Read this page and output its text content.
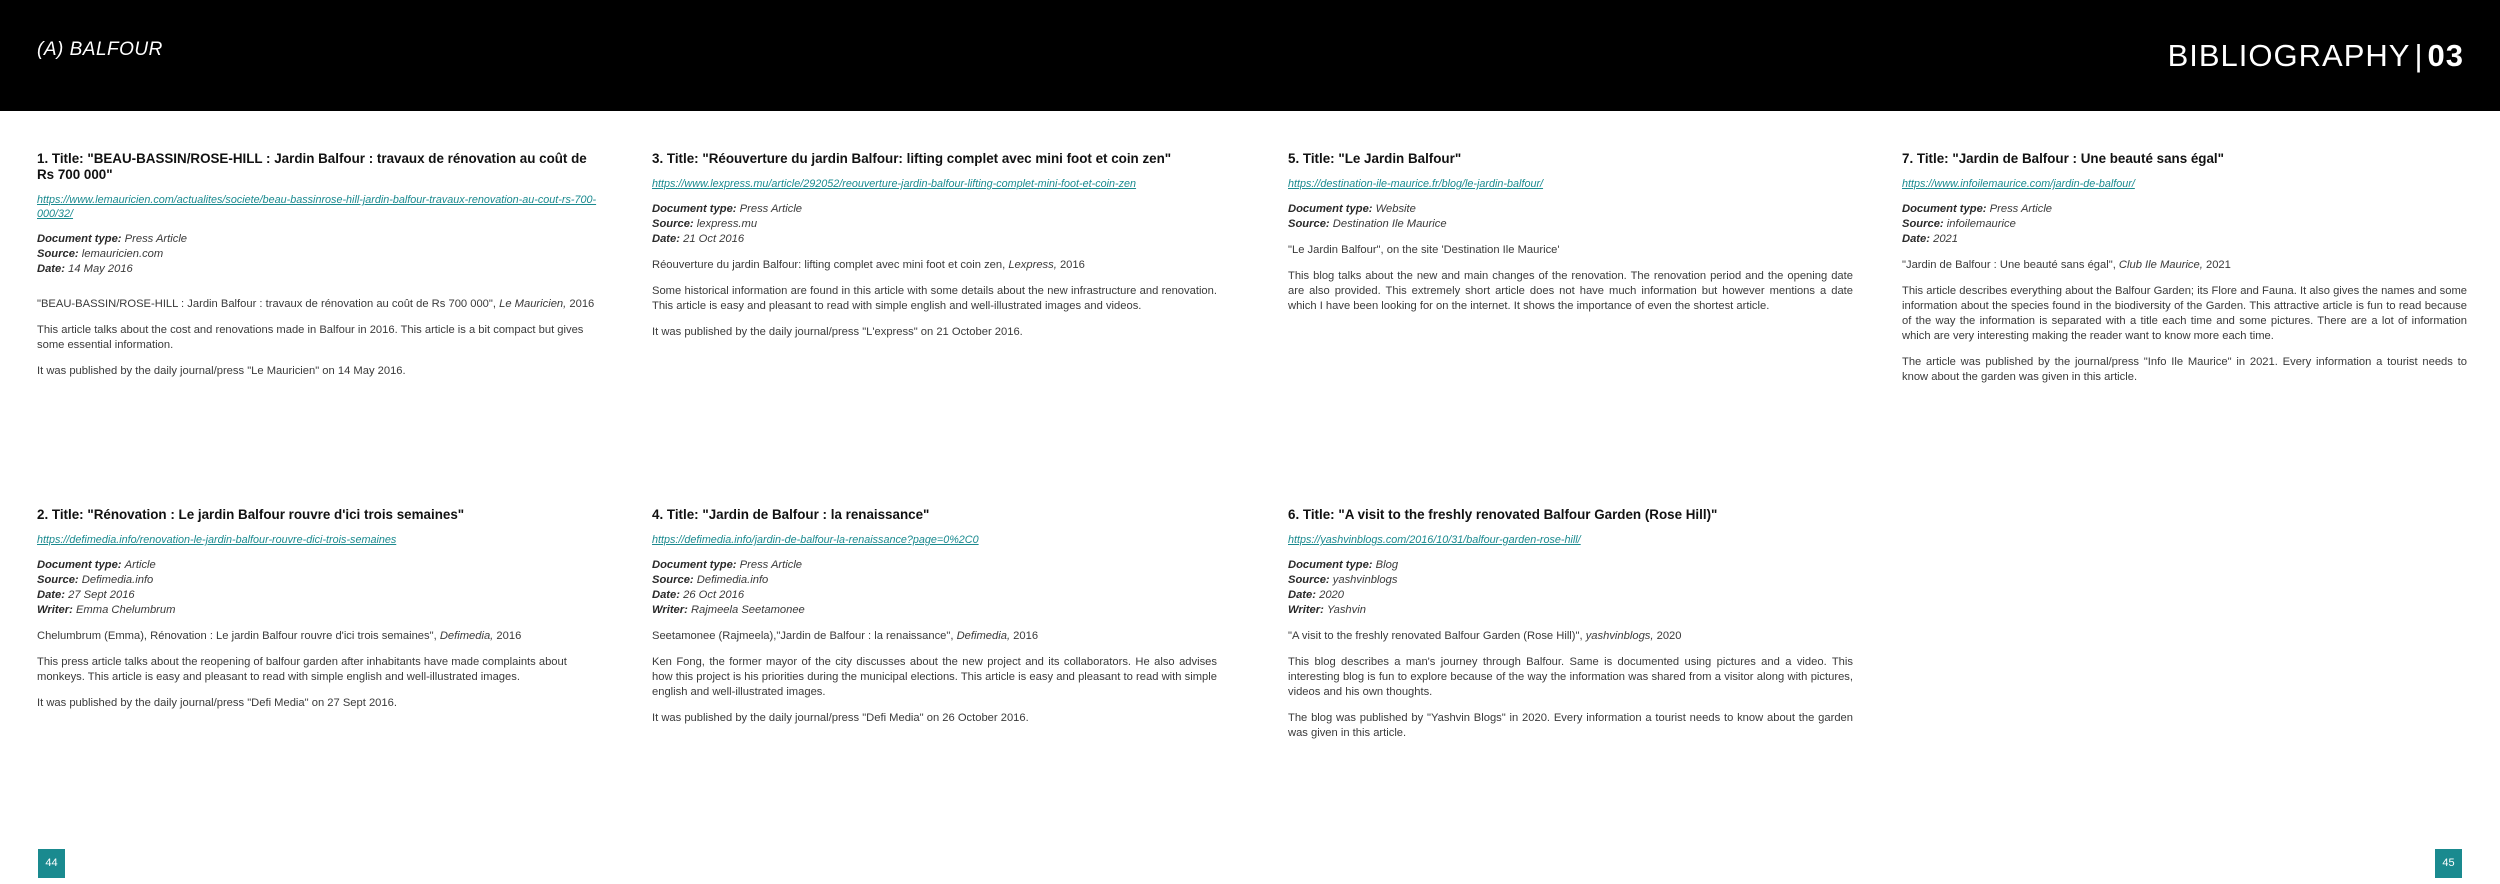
(A) BALFOUR	BIBLIOGRAPHY | 03
1. Title: "BEAU-BASSIN/ROSE-HILL : Jardin Balfour : travaux de rénovation au coût de Rs 700 000"
https://www.lemauricien.com/actualites/societe/beau-bassinrose-hill-jardin-balfour-travaux-renovation-au-cout-rs-700-000/32/
Document type: Press Article
Source: lemauricien.com
Date: 14 May 2016
"BEAU-BASSIN/ROSE-HILL : Jardin Balfour : travaux de rénovation au coût de Rs 700 000", Le Mauricien, 2016
This article talks about the cost and renovations made in Balfour in 2016. This article is a bit compact but gives some essential information.
It was published by the daily journal/press "Le Mauricien" on 14 May 2016.
2. Title: "Rénovation : Le jardin Balfour rouvre d'ici trois semaines"
https://defimedia.info/renovation-le-jardin-balfour-rouvre-dici-trois-semaines
Document type: Article
Source: Defimedia.info
Date: 27 Sept 2016
Writer: Emma Chelumbrum
Chelumbrum (Emma), Rénovation : Le jardin Balfour rouvre d'ici trois semaines", Defimedia, 2016
This press article talks about the reopening of balfour garden after inhabitants have made complaints about monkeys. This article is easy and pleasant to read with simple english and well-illustrated images.
It was published by the daily journal/press "Defi Media" on 27 Sept 2016.
3. Title: "Réouverture du jardin Balfour: lifting complet avec mini foot et coin zen"
https://www.lexpress.mu/article/292052/reouverture-jardin-balfour-lifting-complet-mini-foot-et-coin-zen
Document type: Press Article
Source: lexpress.mu
Date: 21 Oct 2016
Réouverture du jardin Balfour: lifting complet avec mini foot et coin zen, Lexpress, 2016
Some historical information are found in this article with some details about the new infrastructure and renovation. This article is easy and pleasant to read with simple english and well-illustrated images and videos.
It was published by the daily journal/press "L'express" on 21 October 2016.
4. Title: "Jardin de Balfour : la renaissance"
https://defimedia.info/jardin-de-balfour-la-renaissance?page=0%2C0
Document type: Press Article
Source: Defimedia.info
Date: 26 Oct 2016
Writer: Rajmeela Seetamonee
Seetamonee (Rajmeela),"Jardin de Balfour : la renaissance", Defimedia, 2016
Ken Fong, the former mayor of the city discusses about the new project and its collaborators. He also advises how this project is his priorities during the municipal elections. This article is easy and pleasant to read with simple english and well-illustrated images.
It was published by the daily journal/press "Defi Media" on 26 October 2016.
5. Title: "Le Jardin Balfour"
https://destination-ile-maurice.fr/blog/le-jardin-balfour/
Document type: Website
Source: Destination Ile Maurice
"Le Jardin Balfour", on the site 'Destination Ile Maurice'
This blog talks about the new and main changes of the renovation. The renovation period and the opening date are also provided. This extremely short article does not have much information but however mentions a date which I have been looking for on the internet. It shows the importance of even the shortest article.
6. Title: "A visit to the freshly renovated Balfour Garden (Rose Hill)"
https://yashvinblogs.com/2016/10/31/balfour-garden-rose-hill/
Document type: Blog
Source: yashvinblogs
Date: 2020
Writer: Yashvin
"A visit to the freshly renovated Balfour Garden (Rose Hill)", yashvinblogs, 2020
This blog describes a man's journey through Balfour. Same is documented using pictures and a video. This interesting blog is fun to explore because of the way the information was shared from a visitor along with pictures, videos and his own thoughts.
The blog was published by "Yashvin Blogs" in 2020. Every information a tourist needs to know about the garden was given in this article.
7. Title: "Jardin de Balfour : Une beauté sans égal"
https://www.infoilemaurice.com/jardin-de-balfour/
Document type: Press Article
Source: infoilemaurice
Date: 2021
"Jardin de Balfour : Une beauté sans égal", Club Ile Maurice, 2021
This article describes everything about the Balfour Garden; its Flore and Fauna. It also gives the names and some information about the species found in the biodiversity of the Garden. This attractive article is fun to read because of the way the information is separated with a title each time and some pictures. There are a lot of information which are very interesting making the reader want to know more each time.
The article was published by the journal/press "Info Ile Maurice" in 2021. Every information a tourist needs to know about the garden was given in this article.
44	45
